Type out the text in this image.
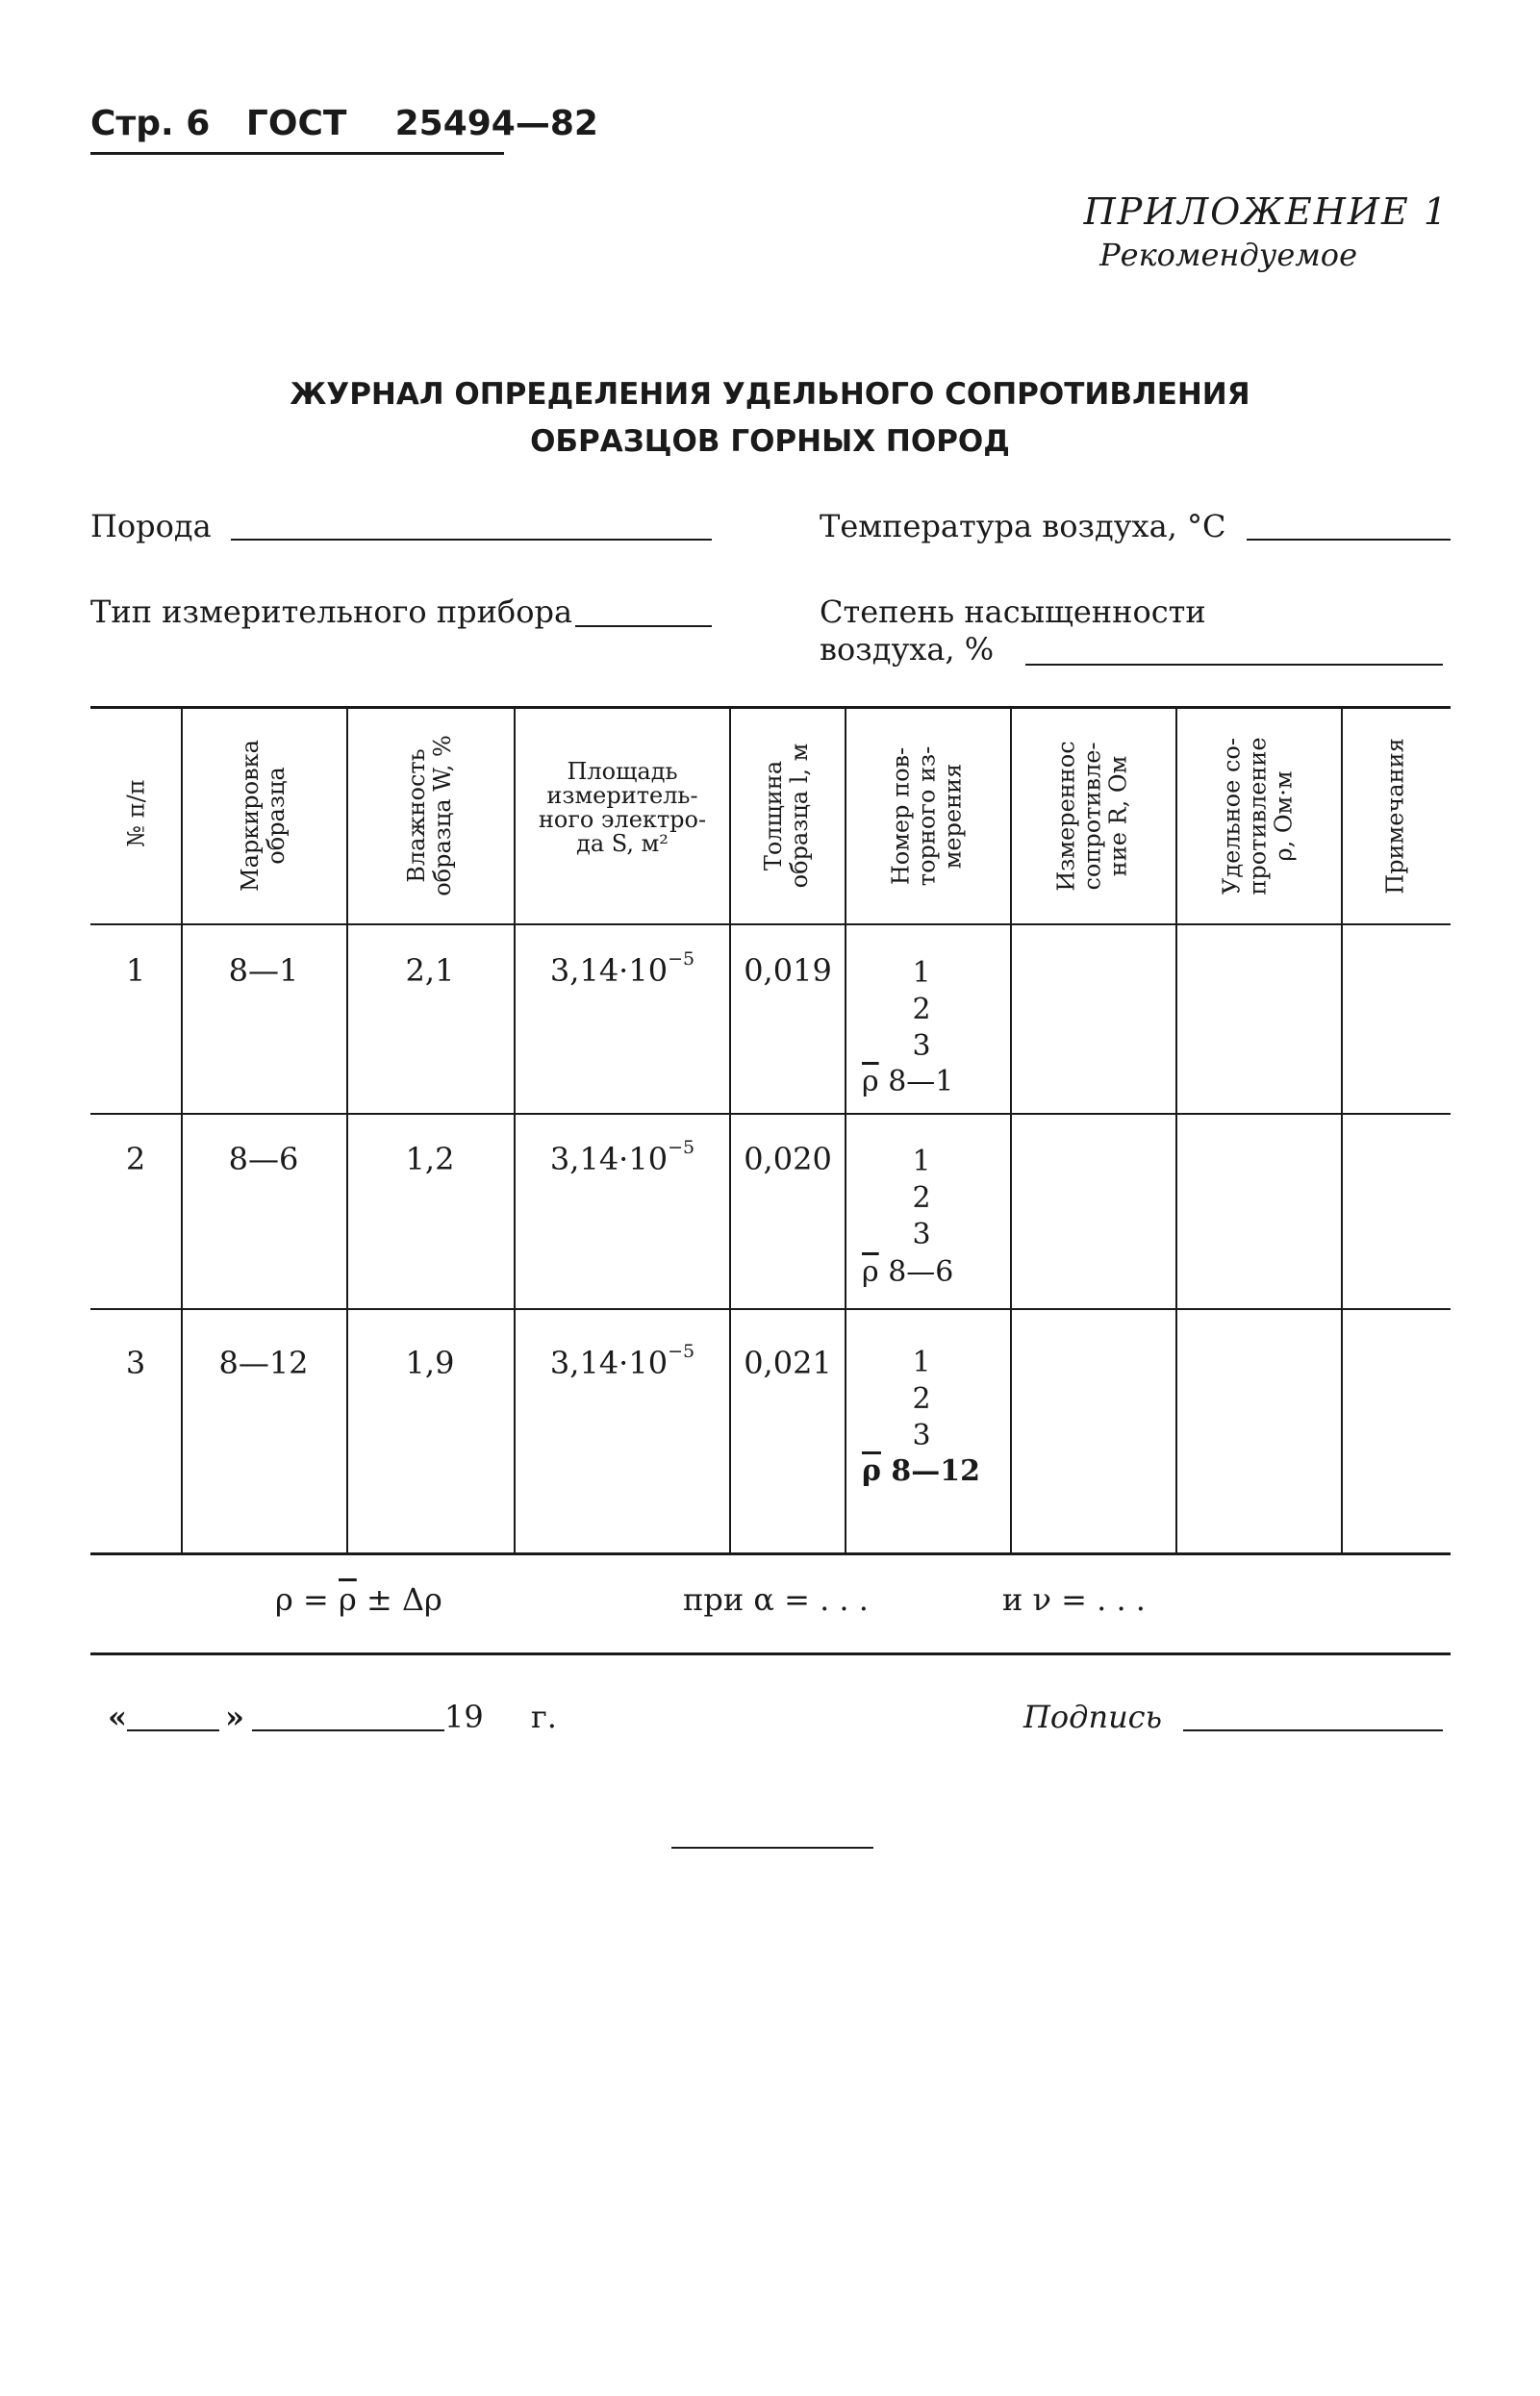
Стр. 6 ГОСТ 25494—82
ПРИЛОЖЕНИЕ 1
Рекомендуемое
ЖУРНАЛ ОПРЕДЕЛЕНИЯ УДЕЛЬНОГО СОПРОТИВЛЕНИЯ
ОБРАЗЦОВ ГОРНЫХ ПОРОД
Порода	Температура воздуха, °С
Тип измерительного прибора	Степень насыщенности
воздуха, %
№ п/п	Маркировка образца	Влажность образца W, %	Площадь
измеритель-
ного электро-
да S, м²	Толщина образца l, м	Номер пов- торного из- мерения	Измереннос сопротивле- ние R, Ом	Удельное со- противление ρ, Ом·м	Примечания
1	8—1	2,1	$3,14\cdot 10^{-5}$	0,019	1
2
3
$\overline{\rho}$ 8—1
2	8—6	1,2	$3,14\cdot 10^{-5}$	0,020	1
2
3
$\overline{\rho}$ 8—6
3	8—12	1,9	$3,14\cdot 10^{-5}$	0,021	1
2
3
$\overline{\rho}$ 8—12
$\rho = \overline{\rho} \pm \Delta\rho$	при α = . . .	и ν = . . .
«	»	19 г.	Подпись
